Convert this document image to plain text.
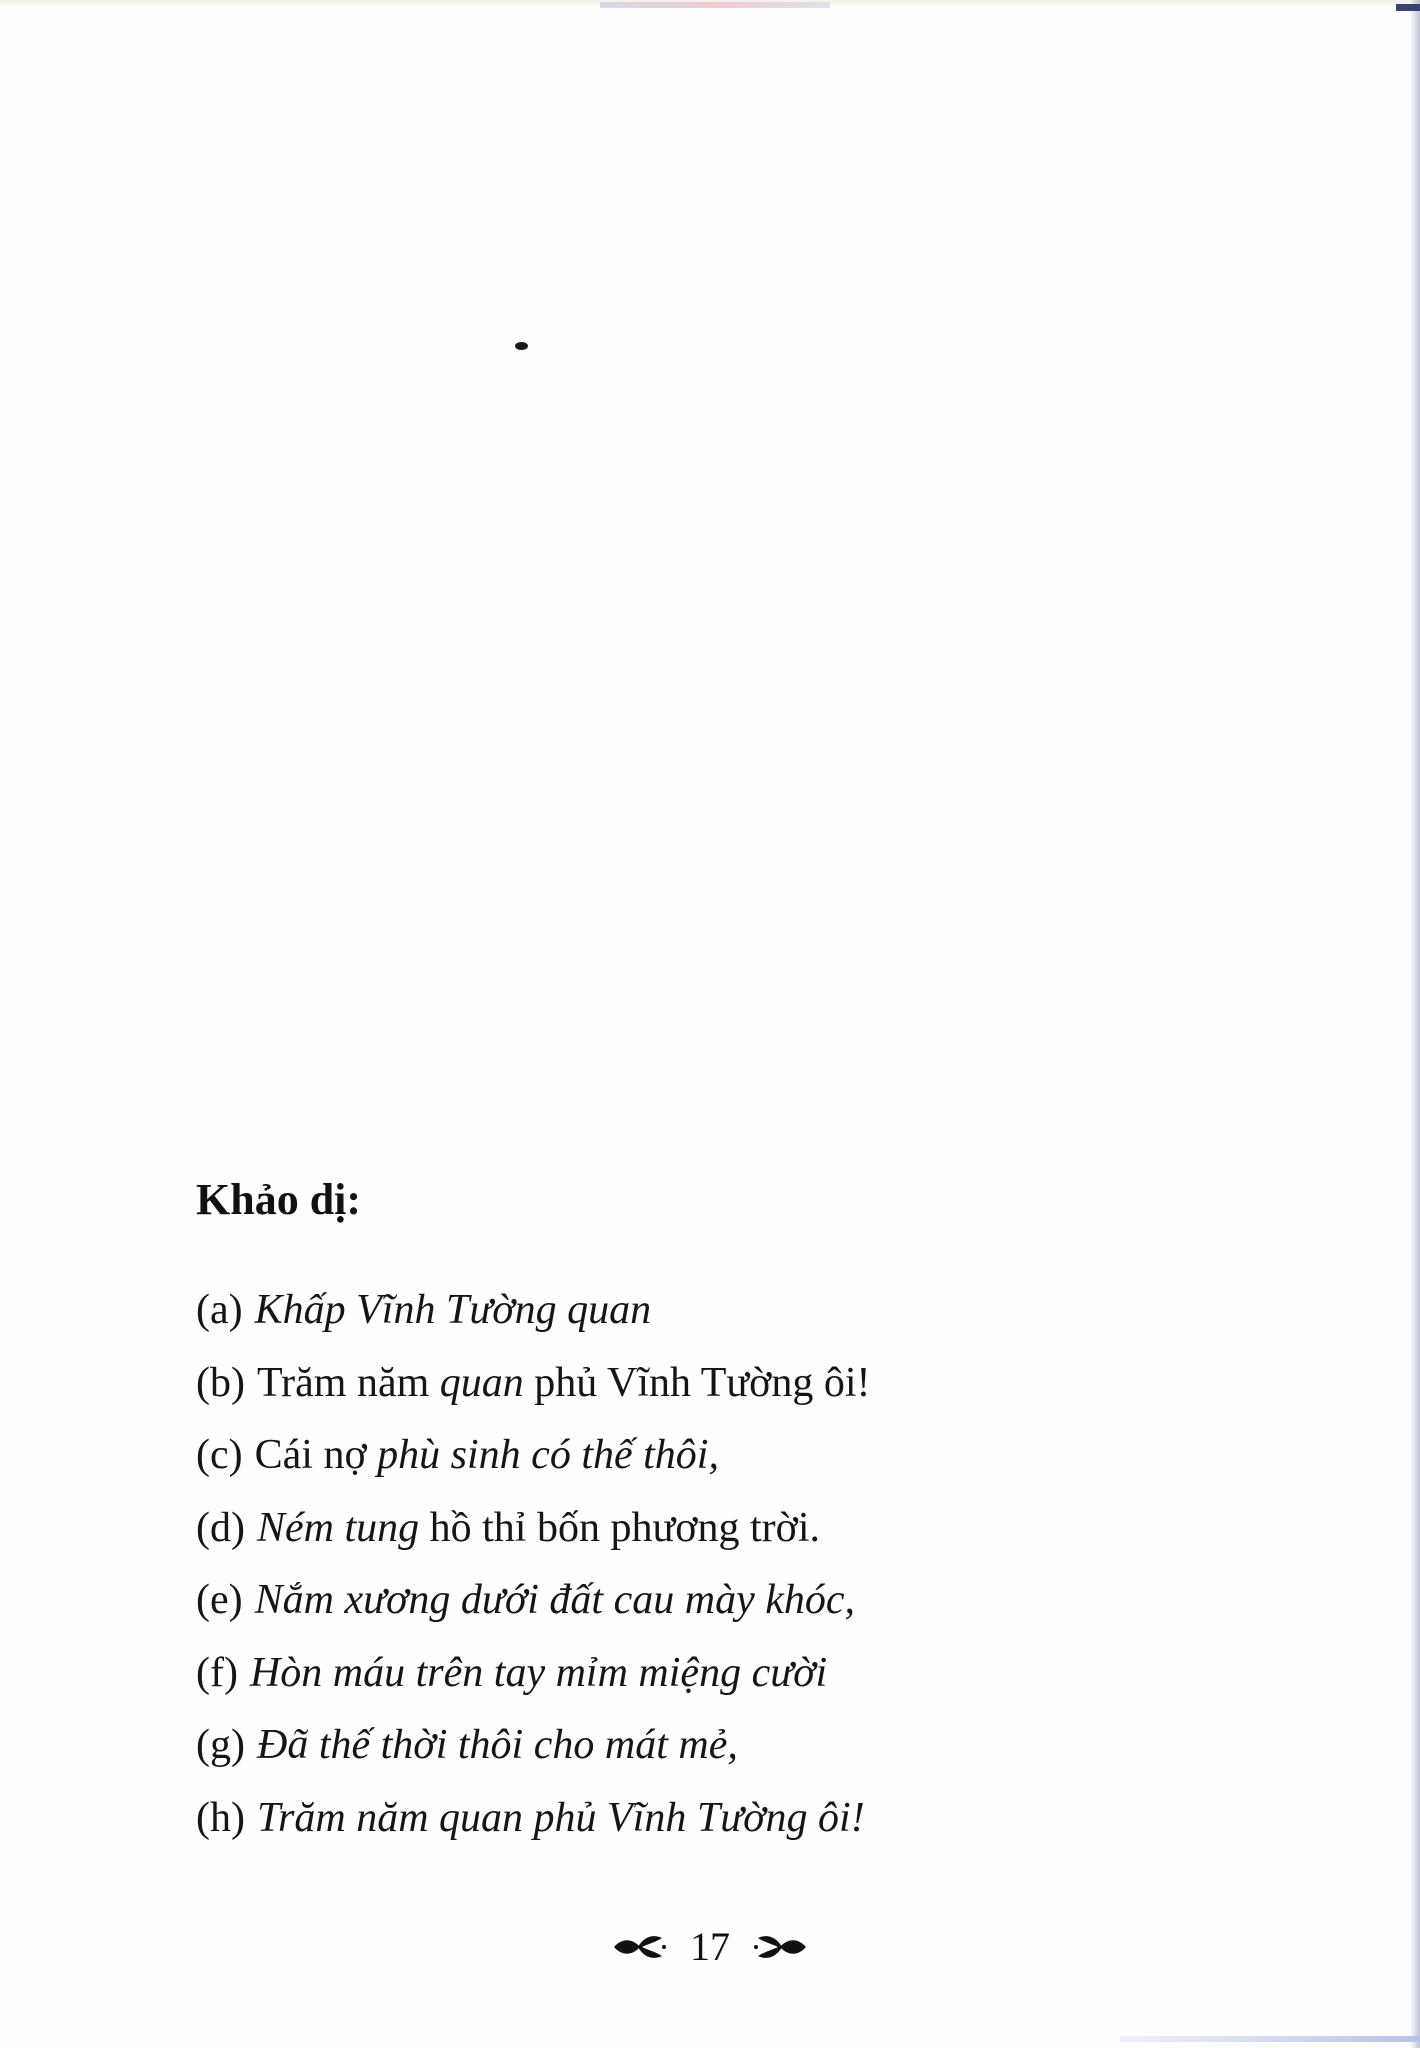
Khảo dị:
(a) Khấp Vĩnh Tường quan
(b) Trăm năm quan phủ Vĩnh Tường ôi!
(c) Cái nợ phù sinh có thế thôi,
(d) Ném tung hồ thỉ bốn phương trời.
(e) Nắm xương dưới đất cau mày khóc,
(f) Hòn máu trên tay mỉm miệng cười
(g) Đã thế thời thôi cho mát mẻ,
(h) Trăm năm quan phủ Vĩnh Tường ôi!
17
